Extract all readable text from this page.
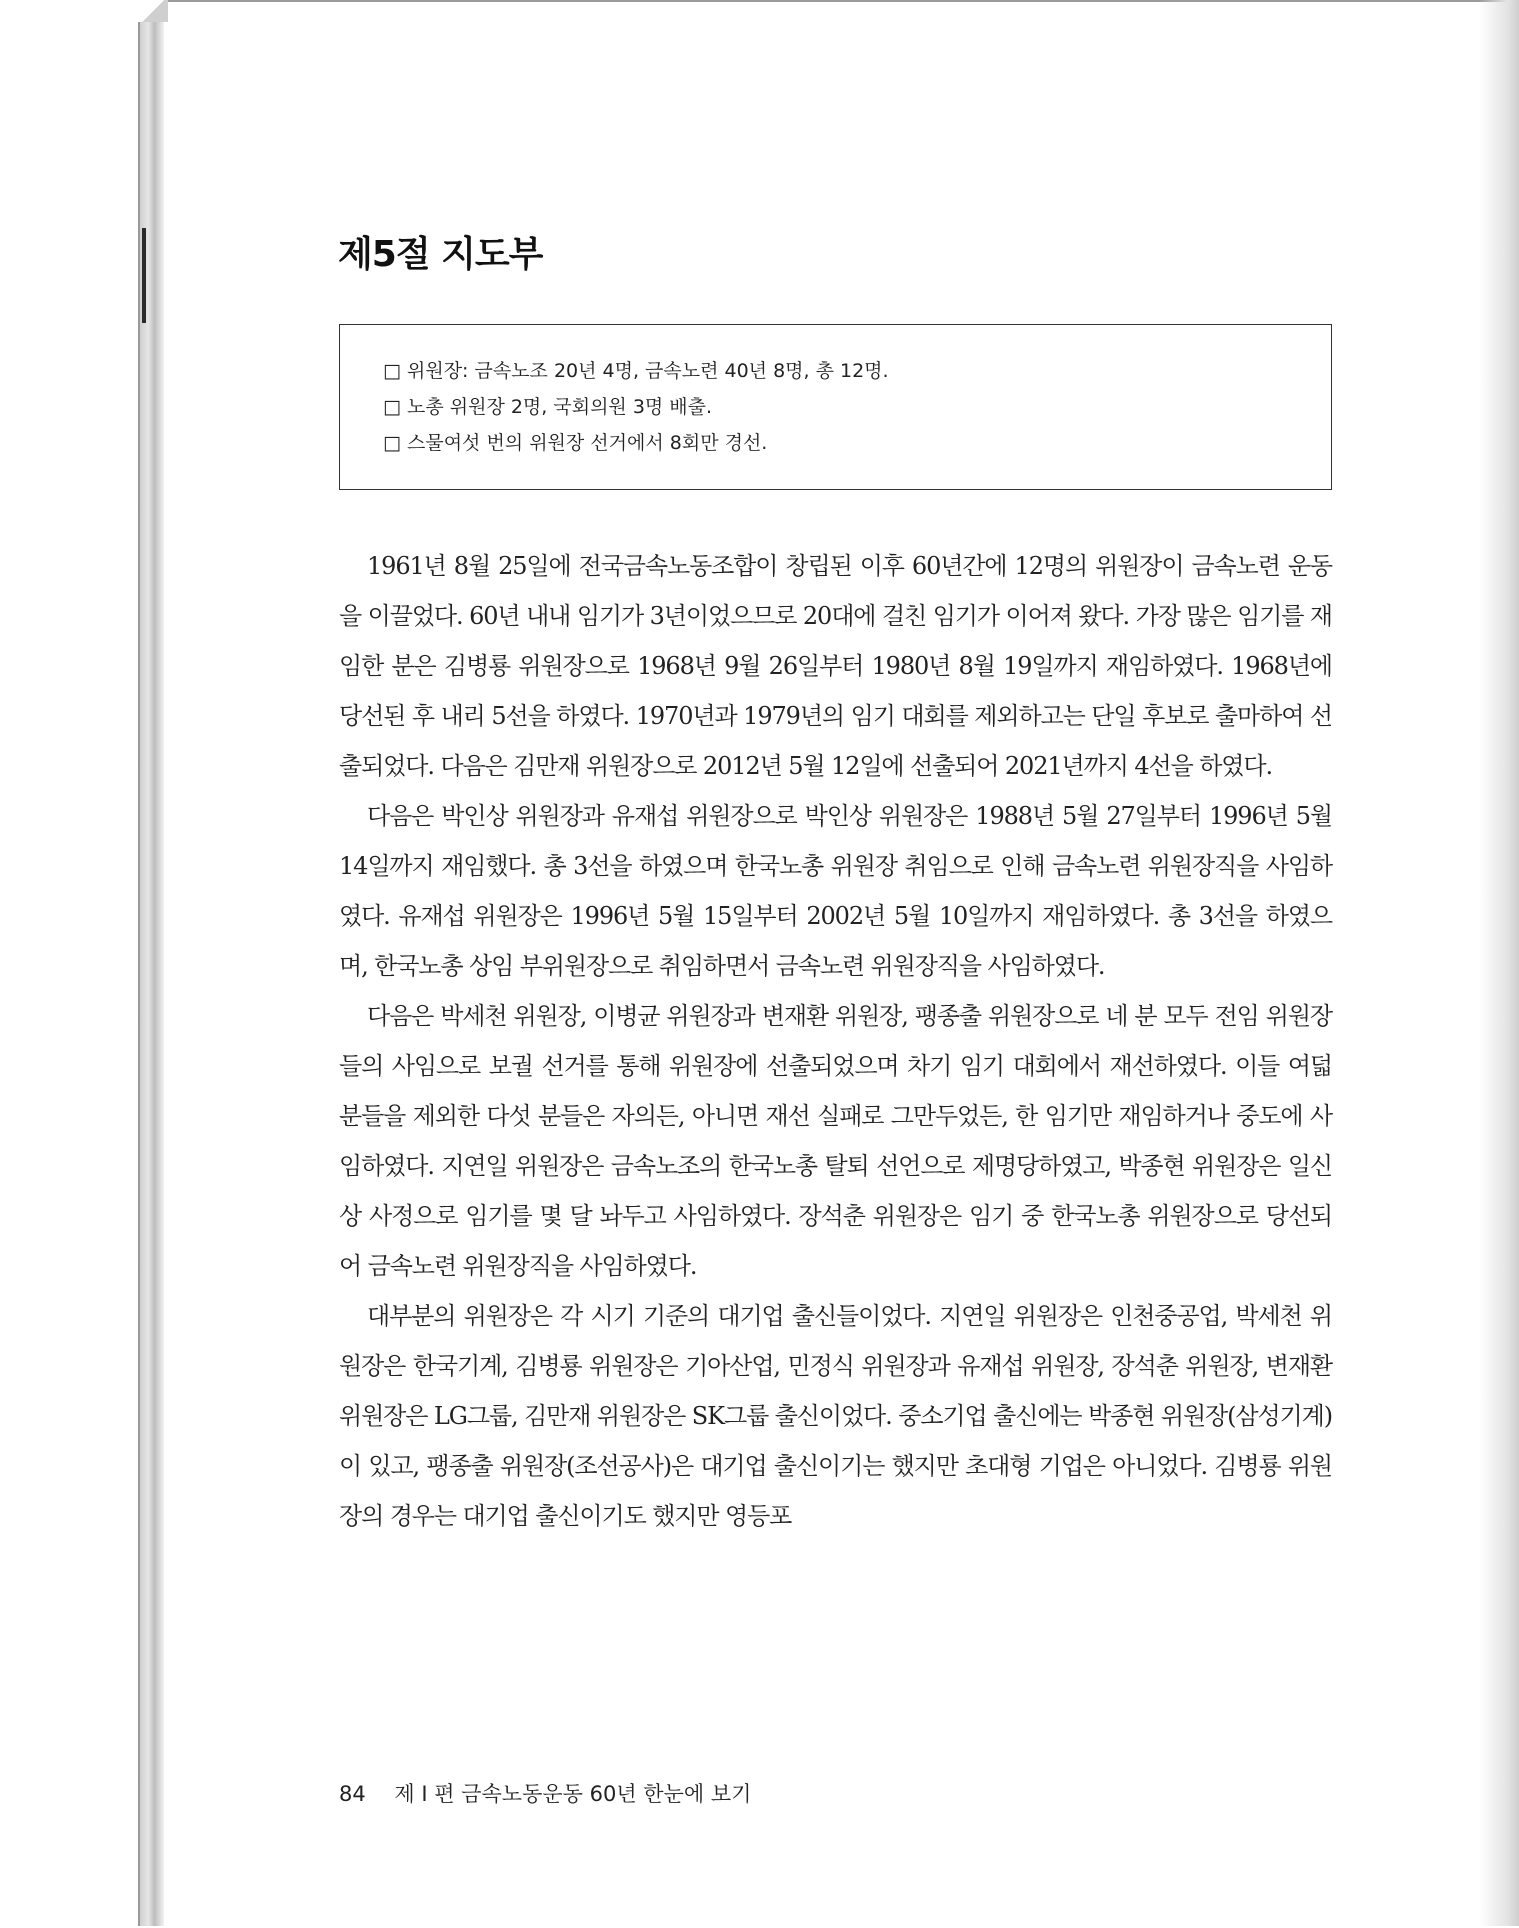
제5절 지도부
□ 위원장: 금속노조 20년 4명, 금속노련 40년 8명, 총 12명.
□ 노총 위원장 2명, 국회의원 3명 배출.
□ 스물여섯 번의 위원장 선거에서 8회만 경선.

1961년 8월 25일에 전국금속노동조합이 창립된 이후 60년간에 12명의 위원장이 금속노련 운동을 이끌었다. 60년 내내 임기가 3년이었으므로 20대에 걸친 임기가 이어져 왔다. 가장 많은 임기를 재임한 분은 김병룡 위원장으로 1968년 9월 26일부터 1980년 8월 19일까지 재임하였다. 1968년에 당선된 후 내리 5선을 하였다. 1970년과 1979년의 임기 대회를 제외하고는 단일 후보로 출마하여 선출되었다. 다음은 김만재 위원장으로 2012년 5월 12일에 선출되어 2021년까지 4선을 하였다.

다음은 박인상 위원장과 유재섭 위원장으로 박인상 위원장은 1988년 5월 27일부터 1996년 5월 14일까지 재임했다. 총 3선을 하였으며 한국노총 위원장 취임으로 인해 금속노련 위원장직을 사임하였다. 유재섭 위원장은 1996년 5월 15일부터 2002년 5월 10일까지 재임하였다. 총 3선을 하였으며, 한국노총 상임 부위원장으로 취임하면서 금속노련 위원장직을 사임하였다.

다음은 박세천 위원장, 이병균 위원장과 변재환 위원장, 팽종출 위원장으로 네 분 모두 전임 위원장들의 사임으로 보궐 선거를 통해 위원장에 선출되었으며 차기 임기 대회에서 재선하였다. 이들 여덟 분들을 제외한 다섯 분들은 자의든, 아니면 재선 실패로 그만두었든, 한 임기만 재임하거나 중도에 사임하였다. 지연일 위원장은 금속노조의 한국노총 탈퇴 선언으로 제명당하였고, 박종현 위원장은 일신상 사정으로 임기를 몇 달 놔두고 사임하였다. 장석춘 위원장은 임기 중 한국노총 위원장으로 당선되어 금속노련 위원장직을 사임하였다.

대부분의 위원장은 각 시기 기준의 대기업 출신들이었다. 지연일 위원장은 인천중공업, 박세천 위원장은 한국기계, 김병룡 위원장은 기아산업, 민정식 위원장과 유재섭 위원장, 장석춘 위원장, 변재환 위원장은 LG그룹, 김만재 위원장은 SK그룹 출신이었다. 중소기업 출신에는 박종현 위원장(삼성기계)이 있고, 팽종출 위원장(조선공사)은 대기업 출신이기는 했지만 초대형 기업은 아니었다. 김병룡 위원장의 경우는 대기업 출신이기도 했지만 영등포

84 제 I 편 금속노동운동 60년 한눈에 보기
